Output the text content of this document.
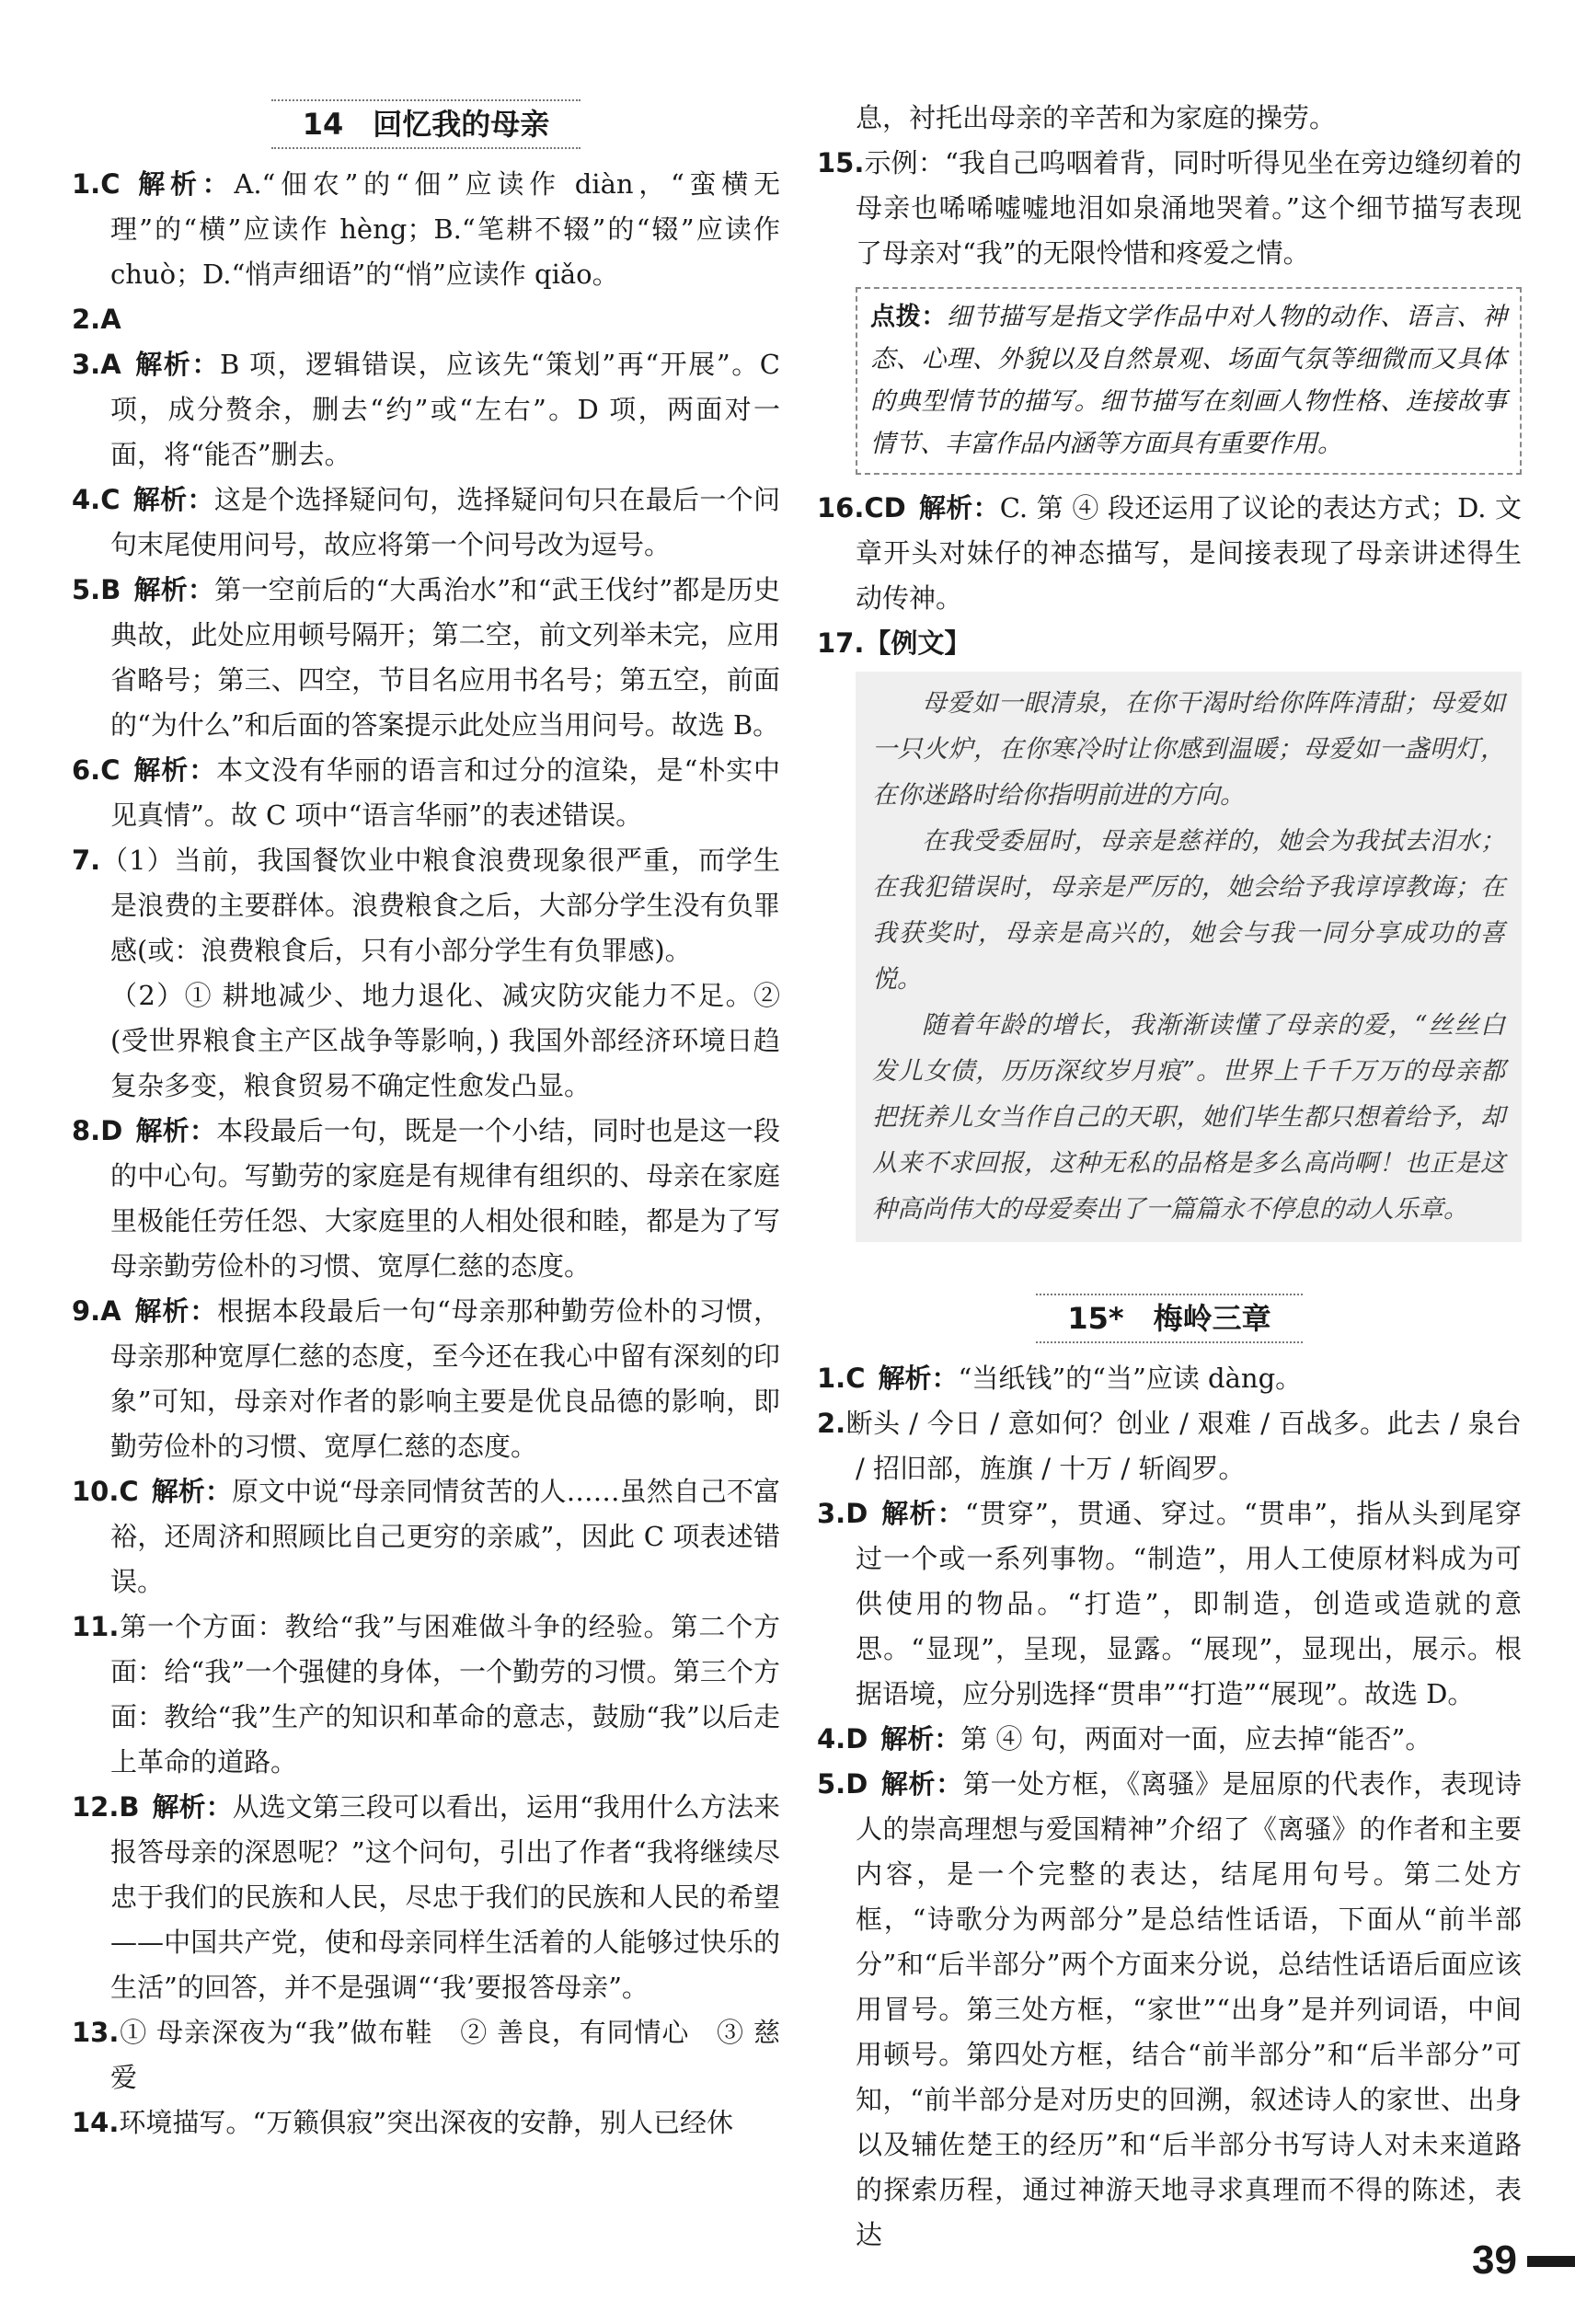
14　回忆我的母亲

1.C 解析：A.“佃农”的“佃”应读作 diàn，“蛮横无理”的“横”应读作 hèng；B.“笔耕不辍”的“辍”应读作 chuò；D.“悄声细语”的“悄”应读作 qiǎo。

2.A

3.A 解析：B 项，逻辑错误，应该先“策划”再“开展”。C 项，成分赘余，删去“约”或“左右”。D 项，两面对一面，将“能否”删去。

4.C 解析：这是个选择疑问句，选择疑问句只在最后一个问句末尾使用问号，故应将第一个问号改为逗号。

5.B 解析：第一空前后的“大禹治水”和“武王伐纣”都是历史典故，此处应用顿号隔开；第二空，前文列举未完，应用省略号；第三、四空，节目名应用书名号；第五空，前面的“为什么”和后面的答案提示此处应当用问号。故选 B。

6.C 解析：本文没有华丽的语言和过分的渲染，是“朴实中见真情”。故 C 项中“语言华丽”的表述错误。

7.（1）当前，我国餐饮业中粮食浪费现象很严重，而学生是浪费的主要群体。浪费粮食之后，大部分学生没有负罪感(或：浪费粮食后，只有小部分学生有负罪感)。

（2）① 耕地减少、地力退化、减灾防灾能力不足。② (受世界粮食主产区战争等影响，) 我国外部经济环境日趋复杂多变，粮食贸易不确定性愈发凸显。

8.D 解析：本段最后一句，既是一个小结，同时也是这一段的中心句。写勤劳的家庭是有规律有组织的、母亲在家庭里极能任劳任怨、大家庭里的人相处很和睦，都是为了写母亲勤劳俭朴的习惯、宽厚仁慈的态度。

9.A 解析：根据本段最后一句“母亲那种勤劳俭朴的习惯，母亲那种宽厚仁慈的态度，至今还在我心中留有深刻的印象”可知，母亲对作者的影响主要是优良品德的影响，即勤劳俭朴的习惯、宽厚仁慈的态度。

10.C 解析：原文中说“母亲同情贫苦的人……虽然自己不富裕，还周济和照顾比自己更穷的亲戚”，因此 C 项表述错误。

11.第一个方面：教给“我”与困难做斗争的经验。第二个方面：给“我”一个强健的身体，一个勤劳的习惯。第三个方面：教给“我”生产的知识和革命的意志，鼓励“我”以后走上革命的道路。

12.B 解析：从选文第三段可以看出，运用“我用什么方法来报答母亲的深恩呢？”这个问句，引出了作者“我将继续尽忠于我们的民族和人民，尽忠于我们的民族和人民的希望——中国共产党，使和母亲同样生活着的人能够过快乐的生活”的回答，并不是强调“‘我’要报答母亲”。

13.① 母亲深夜为“我”做布鞋　② 善良，有同情心　③ 慈爱

14.环境描写。“万籁俱寂”突出深夜的安静，别人已经休

息，衬托出母亲的辛苦和为家庭的操劳。

15.示例：“我自己呜咽着背，同时听得见坐在旁边缝纫着的母亲也唏唏嘘嘘地泪如泉涌地哭着。”这个细节描写表现了母亲对“我”的无限怜惜和疼爱之情。

点拨：细节描写是指文学作品中对人物的动作、语言、神态、心理、外貌以及自然景观、场面气氛等细微而又具体的典型情节的描写。细节描写在刻画人物性格、连接故事情节、丰富作品内涵等方面具有重要作用。

16.CD 解析：C. 第 ④ 段还运用了议论的表达方式；D. 文章开头对妹仔的神态描写，是间接表现了母亲讲述得生动传神。

17.【例文】

母爱如一眼清泉，在你干渴时给你阵阵清甜；母爱如一只火炉，在你寒冷时让你感到温暖；母爱如一盏明灯，在你迷路时给你指明前进的方向。

在我受委屈时，母亲是慈祥的，她会为我拭去泪水；在我犯错误时，母亲是严厉的，她会给予我谆谆教诲；在我获奖时，母亲是高兴的，她会与我一同分享成功的喜悦。

随着年龄的增长，我渐渐读懂了母亲的爱，“丝丝白发儿女债，历历深纹岁月痕”。世界上千千万万的母亲都把抚养儿女当作自己的天职，她们毕生都只想着给予，却从来不求回报，这种无私的品格是多么高尚啊！也正是这种高尚伟大的母爱奏出了一篇篇永不停息的动人乐章。

15*　梅岭三章

1.C 解析：“当纸钱”的“当”应读 dàng。

2.断头 / 今日 / 意如何？创业 / 艰难 / 百战多。此去 / 泉台 / 招旧部，旌旗 / 十万 / 斩阎罗。

3.D 解析：“贯穿”，贯通、穿过。“贯串”，指从头到尾穿过一个或一系列事物。“制造”，用人工使原材料成为可供使用的物品。“打造”，即制造，创造或造就的意思。“显现”，呈现，显露。“展现”，显现出，展示。根据语境，应分别选择“贯串”“打造”“展现”。故选 D。

4.D 解析：第 ④ 句，两面对一面，应去掉“能否”。

5.D 解析：第一处方框，《离骚》是屈原的代表作，表现诗人的崇高理想与爱国精神”介绍了《离骚》的作者和主要内容，是一个完整的表达，结尾用句号。第二处方框，“诗歌分为两部分”是总结性话语，下面从“前半部分”和“后半部分”两个方面来分说，总结性话语后面应该用冒号。第三处方框，“家世”“出身”是并列词语，中间用顿号。第四处方框，结合“前半部分”和“后半部分”可知，“前半部分是对历史的回溯，叙述诗人的家世、出身以及辅佐楚王的经历”和“后半部分书写诗人对未来道路的探索历程，通过神游天地寻求真理而不得的陈述，表达

39
